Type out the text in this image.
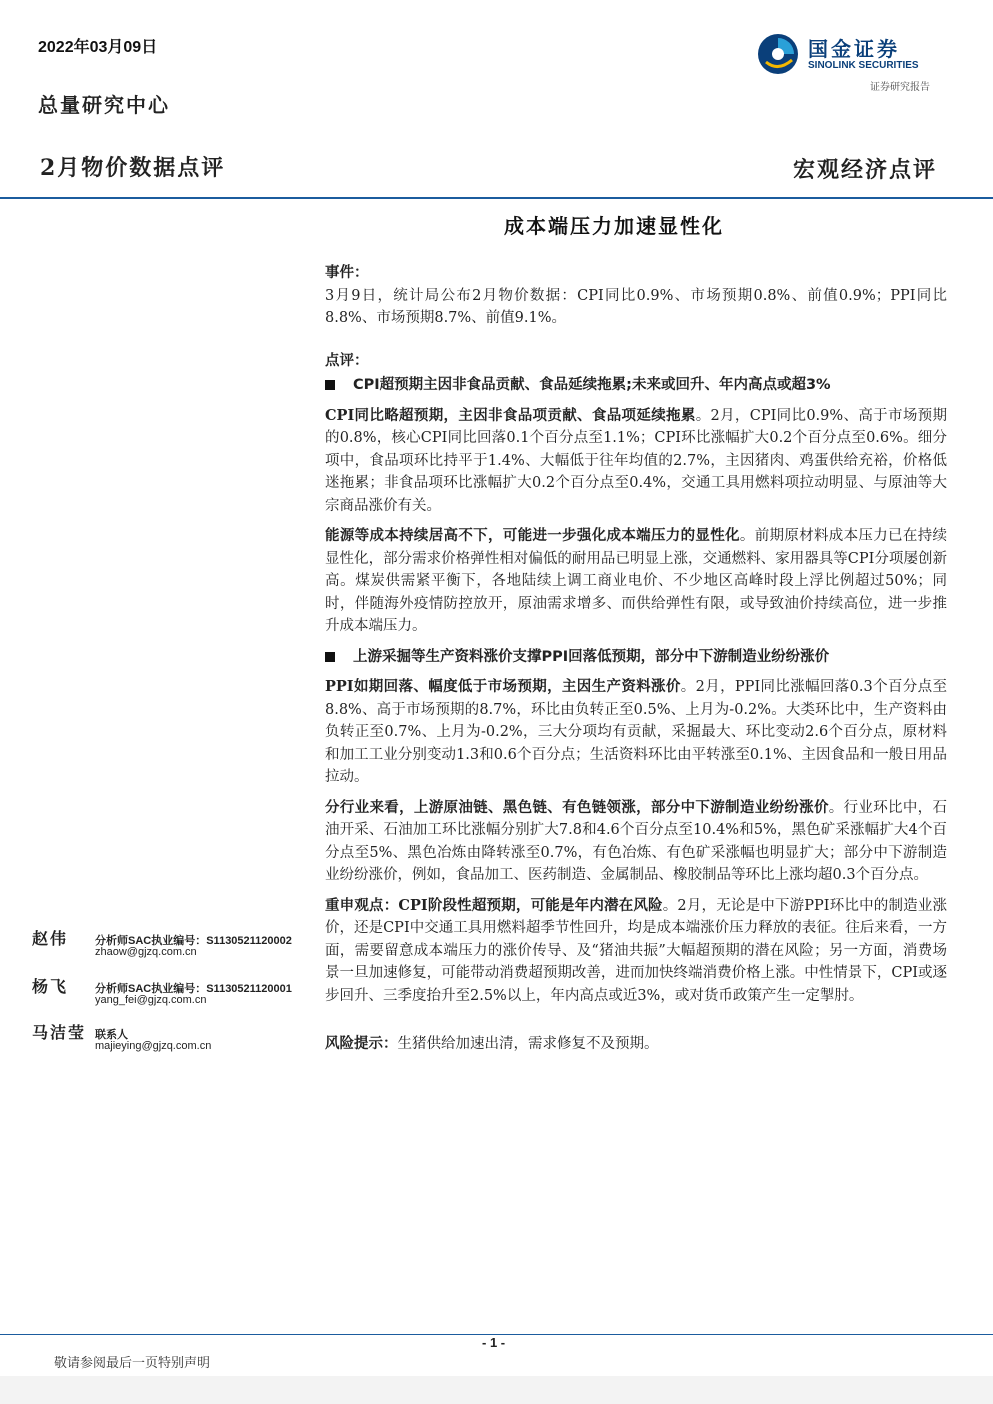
2022年03月09日
总量研究中心
2月物价数据点评	宏观经济点评
国金证券
SINOLINK SECURITIES
证券研究报告
成本端压力加速显性化

事件：

3月9日，统计局公布2月物价数据：CPI同比0.9%、市场预期0.8%、前值0.9%；PPI同比8.8%、市场预期8.7%、前值9.1%。

点评：

CPI超预期主因非食品贡献、食品延续拖累;未来或回升、年内高点或超3%

CPI同比略超预期，主因非食品项贡献、食品项延续拖累。2月，CPI同比0.9%、高于市场预期的0.8%，核心CPI同比回落0.1个百分点至1.1%；CPI环比涨幅扩大0.2个百分点至0.6%。细分项中，食品项环比持平于1.4%、大幅低于往年均值的2.7%，主因猪肉、鸡蛋供给充裕，价格低迷拖累；非食品项环比涨幅扩大0.2个百分点至0.4%，交通工具用燃料项拉动明显、与原油等大宗商品涨价有关。

能源等成本持续居高不下，可能进一步强化成本端压力的显性化。前期原材料成本压力已在持续显性化，部分需求价格弹性相对偏低的耐用品已明显上涨，交通燃料、家用器具等CPI分项屡创新高。煤炭供需紧平衡下，各地陆续上调工商业电价、不少地区高峰时段上浮比例超过50%；同时，伴随海外疫情防控放开，原油需求增多、而供给弹性有限，或导致油价持续高位，进一步推升成本端压力。

上游采掘等生产资料涨价支撑PPI回落低预期，部分中下游制造业纷纷涨价

PPI如期回落、幅度低于市场预期，主因生产资料涨价。2月，PPI同比涨幅回落0.3个百分点至8.8%、高于市场预期的8.7%，环比由负转正至0.5%、上月为-0.2%。大类环比中，生产资料由负转正至0.7%、上月为-0.2%，三大分项均有贡献，采掘最大、环比变动2.6个百分点，原材料和加工工业分别变动1.3和0.6个百分点；生活资料环比由平转涨至0.1%、主因食品和一般日用品拉动。

分行业来看，上游原油链、黑色链、有色链领涨，部分中下游制造业纷纷涨价。行业环比中，石油开采、石油加工环比涨幅分别扩大7.8和4.6个百分点至10.4%和5%，黑色矿采涨幅扩大4个百分点至5%、黑色冶炼由降转涨至0.7%，有色冶炼、有色矿采涨幅也明显扩大；部分中下游制造业纷纷涨价，例如，食品加工、医药制造、金属制品、橡胶制品等环比上涨均超0.3个百分点。

重申观点：CPI阶段性超预期，可能是年内潜在风险。2月，无论是中下游PPI环比中的制造业涨价，还是CPI中交通工具用燃料超季节性回升，均是成本端涨价压力释放的表征。往后来看，一方面，需要留意成本端压力的涨价传导、及“猪油共振”大幅超预期的潜在风险；另一方面，消费场景一旦加速修复，可能带动消费超预期改善，进而加快终端消费价格上涨。中性情景下，CPI或逐步回升、三季度抬升至2.5%以上，年内高点或近3%，或对货币政策产生一定掣肘。

风险提示：生猪供给加速出清，需求修复不及预期。

赵伟 分析师SAC执业编号：S1130521120002
zhaow@gjzq.com.cn
杨飞 分析师SAC执业编号：S1130521120001
yang_fei@gjzq.com.cn
马洁莹 联系人
majieying@gjzq.com.cn
- 1 -
敬请参阅最后一页特别声明
